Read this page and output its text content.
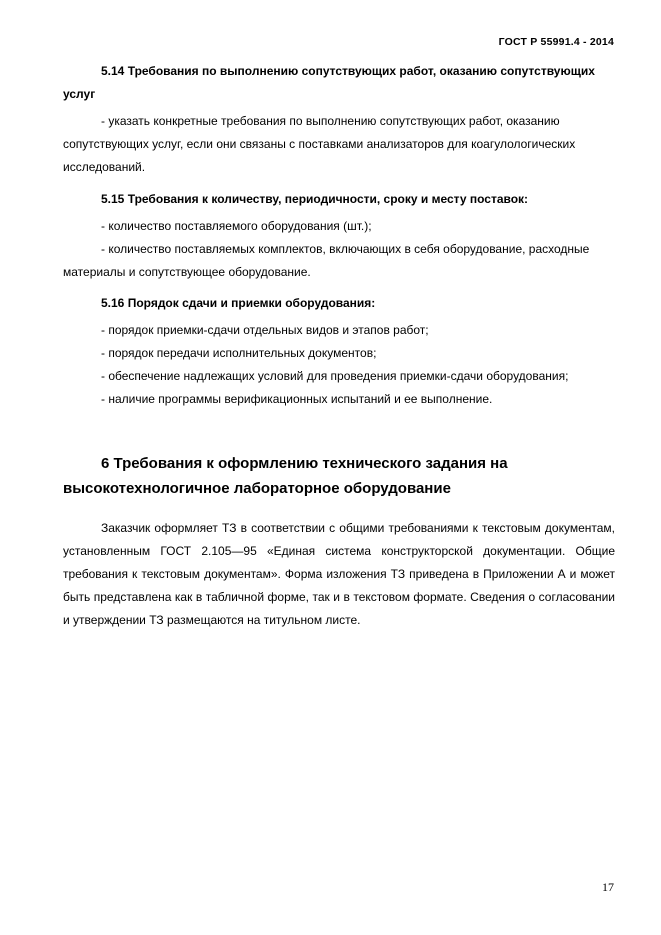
ГОСТ Р 55991.4 - 2014

5.14 Требования по выполнению сопутствующих работ, оказанию сопутствующих услуг

- указать конкретные требования по выполнению сопутствующих работ, оказанию сопутствующих услуг, если они связаны с поставками анализаторов для коагулологических исследований.

5.15 Требования к количеству, периодичности, сроку и месту поставок:

- количество поставляемого оборудования (шт.);

- количество поставляемых комплектов, включающих в себя оборудование, расходные материалы и сопутствующее оборудование.

5.16 Порядок сдачи и приемки оборудования:

- порядок приемки-сдачи отдельных видов и этапов работ;

- порядок передачи исполнительных документов;

- обеспечение надлежащих условий для проведения приемки-сдачи оборудования;

- наличие программы верификационных испытаний и ее выполнение.

6 Требования к оформлению технического задания на
высокотехнологичное лабораторное оборудование

Заказчик оформляет ТЗ в соответствии с общими требованиями к текстовым документам, установленным ГОСТ 2.105—95 «Единая система конструкторской документации. Общие требования к текстовым документам». Форма изложения ТЗ приведена в Приложении А и может быть представлена как в табличной форме, так и в текстовом формате. Сведения о согласовании и утверждении ТЗ размещаются на титульном листе.

17
